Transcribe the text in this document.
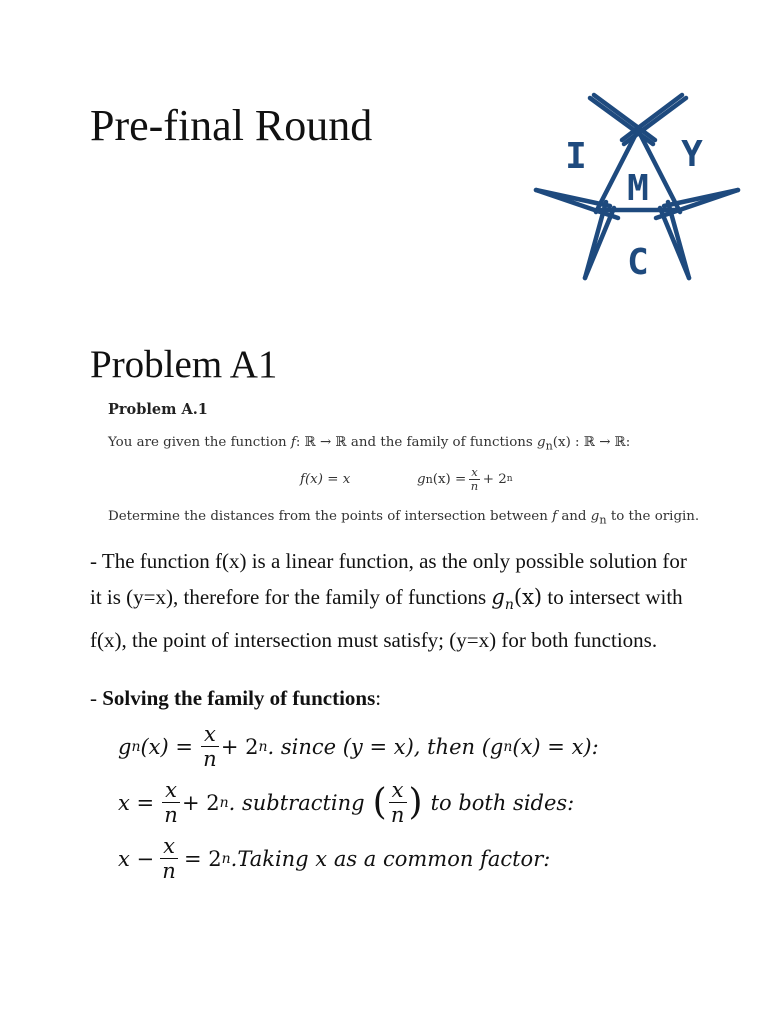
Pre-final Round
I	Y
M
C
Problem A1
Problem A.1
You are given the function f: ℝ → ℝ and the family of functions $g_n(x)$ : ℝ → ℝ:
f(x) = x	g n $(x) = \frac{x}{n} + 2$ n
Determine the distances from the points of intersection between f and $g_n$ to the origin.

- The function f(x) is a linear function, as the only possible solution for it is (y=x), therefore for the family of functions $g_n(x)$ to intersect with f(x), the point of intersection must satisfy; (y=x) for both functions.

- Solving the family of functions:
g n $(x) = \frac{x}{n} + 2$ n . since (y = x), then (g n (x) = x):
$x = \frac{x}{n} + 2$ n . subtracting ( $\frac{x}{n}$ ) to both sides:
$x - \frac{x}{n} = 2$ n .Taking x as a common factor:
